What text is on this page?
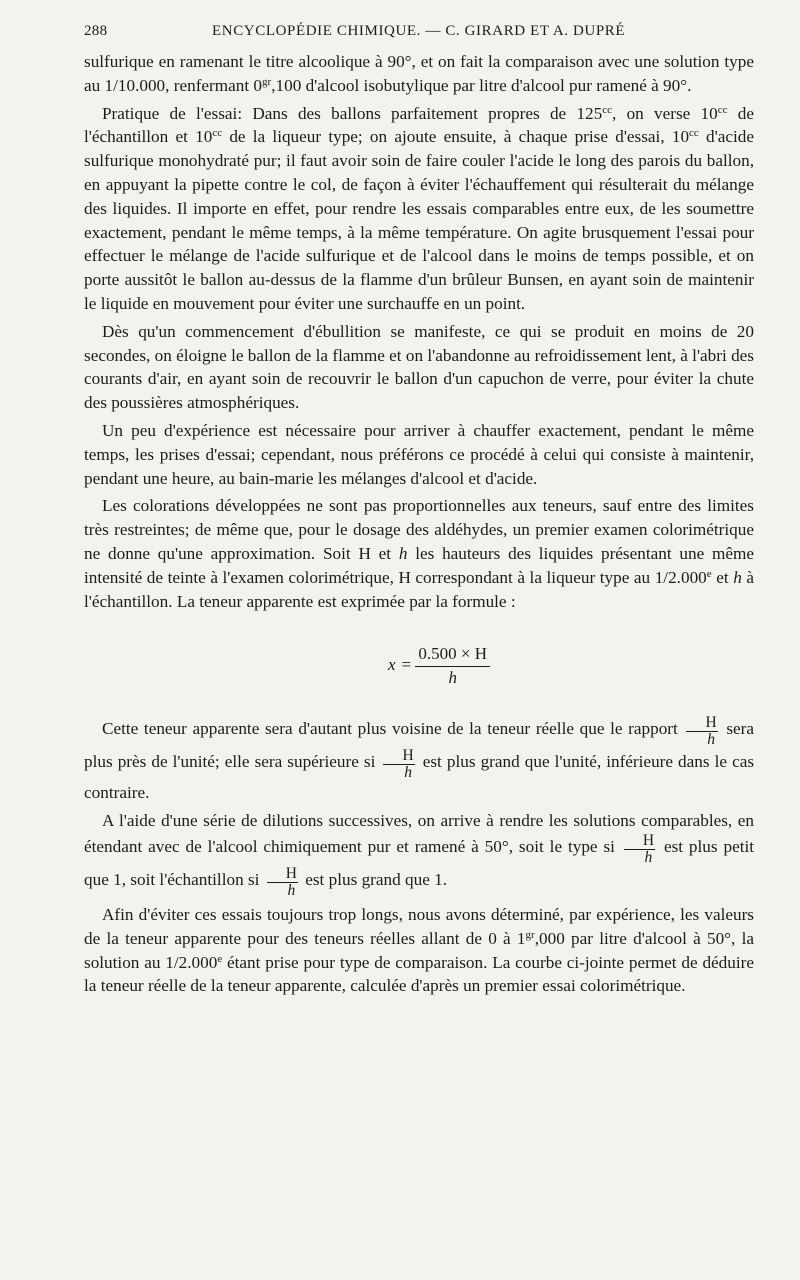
288	ENCYCLOPÉDIE CHIMIQUE. — C. GIRARD ET A. DUPRÉ

sulfurique en ramenant le titre alcoolique à 90°, et on fait la comparaison avec une solution type au 1/10.000, renfermant $0^{gr},100$ d'alcool isobutylique par litre d'alcool pur ramené à 90°.

Pratique de l'essai: Dans des ballons parfaitement propres de $125^{cc}$, on verse $10^{cc}$ de l'échantillon et $10^{cc}$ de la liqueur type; on ajoute ensuite, à chaque prise d'essai, $10^{cc}$ d'acide sulfurique monohydraté pur; il faut avoir soin de faire couler l'acide le long des parois du ballon, en appuyant la pipette contre le col, de façon à éviter l'échauffement qui résulterait du mélange des liquides. Il importe en effet, pour rendre les essais comparables entre eux, de les soumettre exactement, pendant le même temps, à la même température. On agite brusquement l'essai pour effectuer le mélange de l'acide sulfurique et de l'alcool dans le moins de temps possible, et on porte aussitôt le ballon au-dessus de la flamme d'un brûleur Bunsen, en ayant soin de maintenir le liquide en mouvement pour éviter une surchauffe en un point.

Dès qu'un commencement d'ébullition se manifeste, ce qui se produit en moins de 20 secondes, on éloigne le ballon de la flamme et on l'abandonne au refroidissement lent, à l'abri des courants d'air, en ayant soin de recouvrir le ballon d'un capuchon de verre, pour éviter la chute des poussières atmosphériques.

Un peu d'expérience est nécessaire pour arriver à chauffer exactement, pendant le même temps, les prises d'essai; cependant, nous préférons ce procédé à celui qui consiste à maintenir, pendant une heure, au bain-marie les mélanges d'alcool et d'acide.

Les colorations développées ne sont pas proportionnelles aux teneurs, sauf entre des limites très restreintes; de même que, pour le dosage des aldéhydes, un premier examen colorimétrique ne donne qu'une approximation. Soit H et h les hauteurs des liquides présentant une même intensité de teinte à l'examen colorimétrique, H correspondant à la liqueur type au 1/2.000e et h à l'échantillon. La teneur apparente est exprimée par la formule :

$x = \frac{0.500 \times H}{h}$

Cette teneur apparente sera d'autant plus voisine de la teneur réelle que le rapport $\frac{H}{h}$ sera plus près de l'unité; elle sera supérieure si $\frac{H}{h}$ est plus grand que l'unité, inférieure dans le cas contraire.

A l'aide d'une série de dilutions successives, on arrive à rendre les solutions comparables, en étendant avec de l'alcool chimiquement pur et ramené à 50°, soit le type si $\frac{H}{h}$ est plus petit que 1, soit l'échantillon si $\frac{H}{h}$ est plus grand que 1.

Afin d'éviter ces essais toujours trop longs, nous avons déterminé, par expérience, les valeurs de la teneur apparente pour des teneurs réelles allant de 0 à $1^{gr},000$ par litre d'alcool à 50°, la solution au 1/2.000e étant prise pour type de comparaison. La courbe ci-jointe permet de déduire la teneur réelle de la teneur apparente, calculée d'après un premier essai colorimétrique.
